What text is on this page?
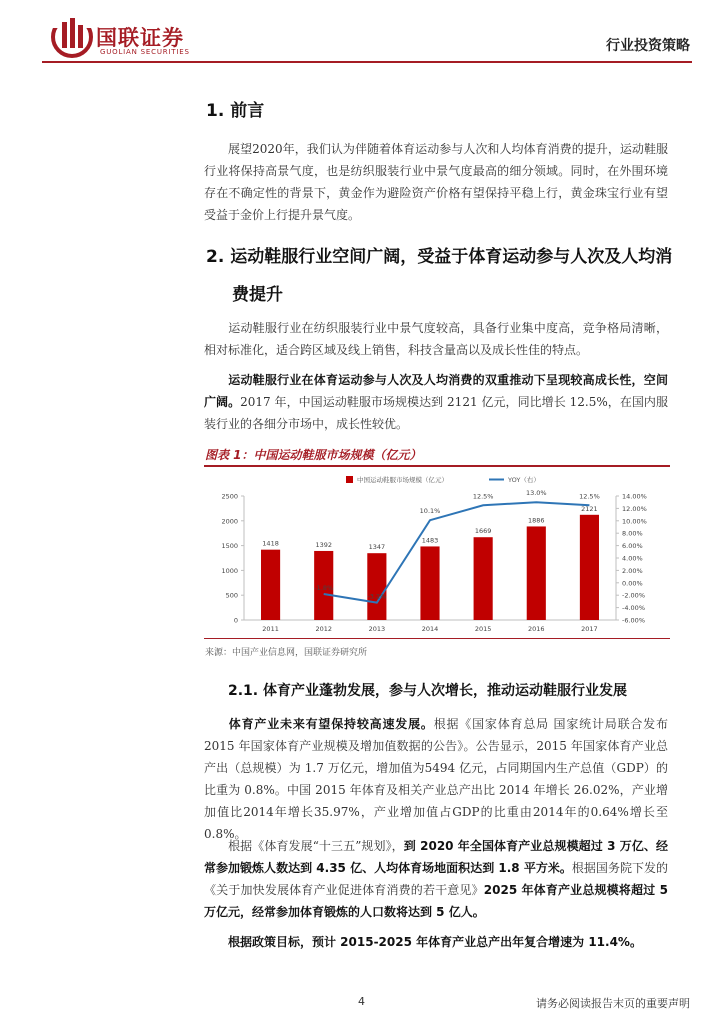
国联证券
GUOLIAN SECURITIES	行业投资策略
1. 前言
展望2020年，我们认为伴随着体育运动参与人次和人均体育消费的提升，运动鞋服行业将保持高景气度，也是纺织服装行业中景气度最高的细分领域。同时，在外围环境存在不确定性的背景下，黄金作为避险资产价格有望保持平稳上行，黄金珠宝行业有望受益于金价上行提升景气度。
2. 运动鞋服行业空间广阔，受益于体育运动参与人次及人均消
费提升
运动鞋服行业在纺织服装行业中景气度较高，具备行业集中度高，竞争格局清晰，相对标准化，适合跨区域及线上销售，科技含量高以及成长性佳的特点。
运动鞋服行业在体育运动参与人次及人均消费的双重推动下呈现较高成长性，空间广阔。2017 年，中国运动鞋服市场规模达到 2121 亿元，同比增长 12.5%，在国内服装行业的各细分市场中，成长性较优。
图表 1：中国运动鞋服市场规模（亿元）
0
500
1000
1500
2000
2500
-6.00%
-4.00%
-2.00%
0.00%
2.00%
4.00%
6.00%
8.00%
10.00%
12.00%
14.00%
1418
2011
1392
2012
1347
2013
1483
2014
1669
2015
1886
2016
2121
2017
-1.8%
-3.2%
10.1%
12.5%	13.0%	12.5%
中国运动鞋服市场规模（亿元）	YOY（右）
来源：中国产业信息网，国联证券研究所
2.1. 体育产业蓬勃发展，参与人次增长，推动运动鞋服行业发展
体育产业未来有望保持较高速发展。根据《国家体育总局 国家统计局联合发布2015 年国家体育产业规模及增加值数据的公告》。公告显示，2015 年国家体育产业总产出（总规模）为 1.7 万亿元，增加值为5494 亿元，占同期国内生产总值（GDP）的比重为 0.8%。中国 2015 年体育及相关产业总产出比 2014 年增长 26.02%，产业增加值比2014年增长35.97%，产业增加值占GDP的比重由2014年的0.64%增长至0.8%。
根据《体育发展“十三五”规划》，到 2020 年全国体育产业总规模超过 3 万亿、经常参加锻炼人数达到 4.35 亿、人均体育场地面积达到 1.8 平方米。根据国务院下发的《关于加快发展体育产业促进体育消费的若干意见》2025 年体育产业总规模将超过 5 万亿元，经常参加体育锻炼的人口数将达到 5 亿人。
根据政策目标，预计 2015-2025 年体育产业总产出年复合增速为 11.4%。
4	请务必阅读报告末页的重要声明
